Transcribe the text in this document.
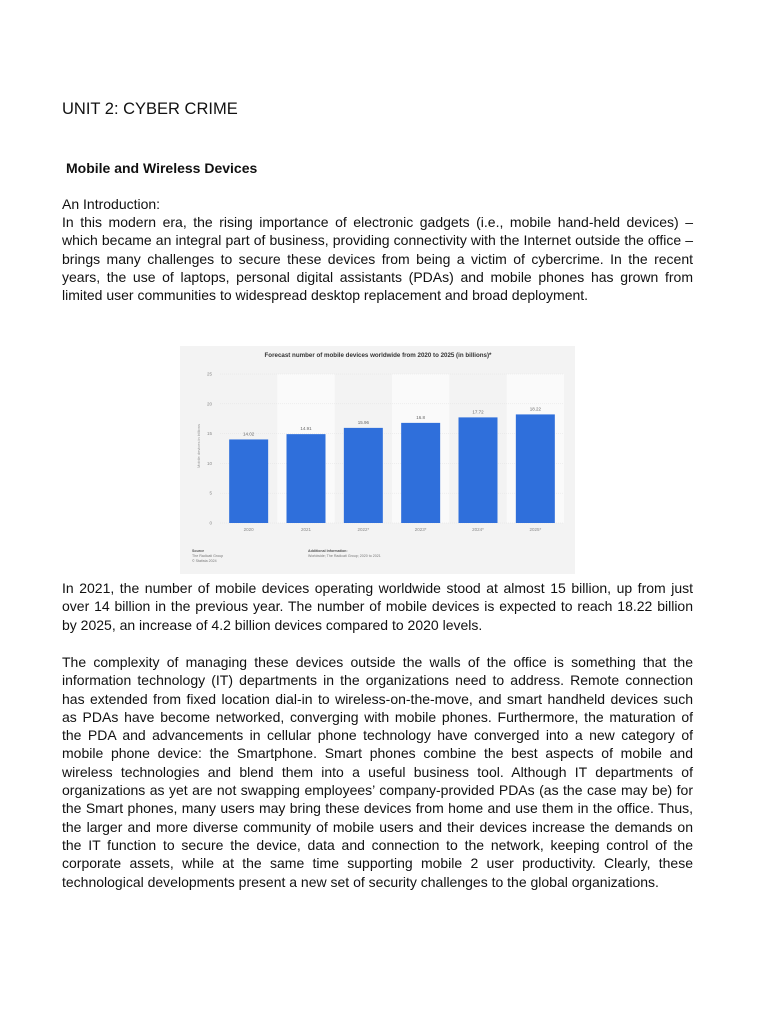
UNIT 2: CYBER CRIME
Mobile and Wireless Devices

An Introduction:

In this modern era, the rising importance of electronic gadgets (i.e., mobile hand-held devices) – which became an integral part of business, providing connectivity with the Internet outside the office – brings many challenges to secure these devices from being a victim of cybercrime. In the recent years, the use of laptops, personal digital assistants (PDAs) and mobile phones has grown from limited user communities to widespread desktop replacement and broad deployment.

Forecast number of mobile devices worldwide from 2020 to 2025 (in billions)*
Mobile devices in billions
0
5
10
15
20
25
14.02
2020
14.91
2021
15.96
2022*
16.8
2023*
17.72
2024*
18.22
2025*
Source
The Radicati Group
© Statista 2024
Additional Information:
Worldwide; The Radicati Group; 2020 to 2021

In 2021, the number of mobile devices operating worldwide stood at almost 15 billion, up from just over 14 billion in the previous year. The number of mobile devices is expected to reach 18.22 billion by 2025, an increase of 4.2 billion devices compared to 2020 levels.

The complexity of managing these devices outside the walls of the office is something that the information technology (IT) departments in the organizations need to address. Remote connection has extended from fixed location dial-in to wireless-on-the-move, and smart handheld devices such as PDAs have become networked, converging with mobile phones. Furthermore, the maturation of the PDA and advancements in cellular phone technology have converged into a new category of mobile phone device: the Smartphone. Smart phones combine the best aspects of mobile and wireless technologies and blend them into a useful business tool. Although IT departments of organizations as yet are not swapping employees’ company-provided PDAs (as the case may be) for the Smart phones, many users may bring these devices from home and use them in the office. Thus, the larger and more diverse community of mobile users and their devices increase the demands on the IT function to secure the device, data and connection to the network, keeping control of the corporate assets, while at the same time supporting mobile 2 user productivity. Clearly, these technological developments present a new set of security challenges to the global organizations.
